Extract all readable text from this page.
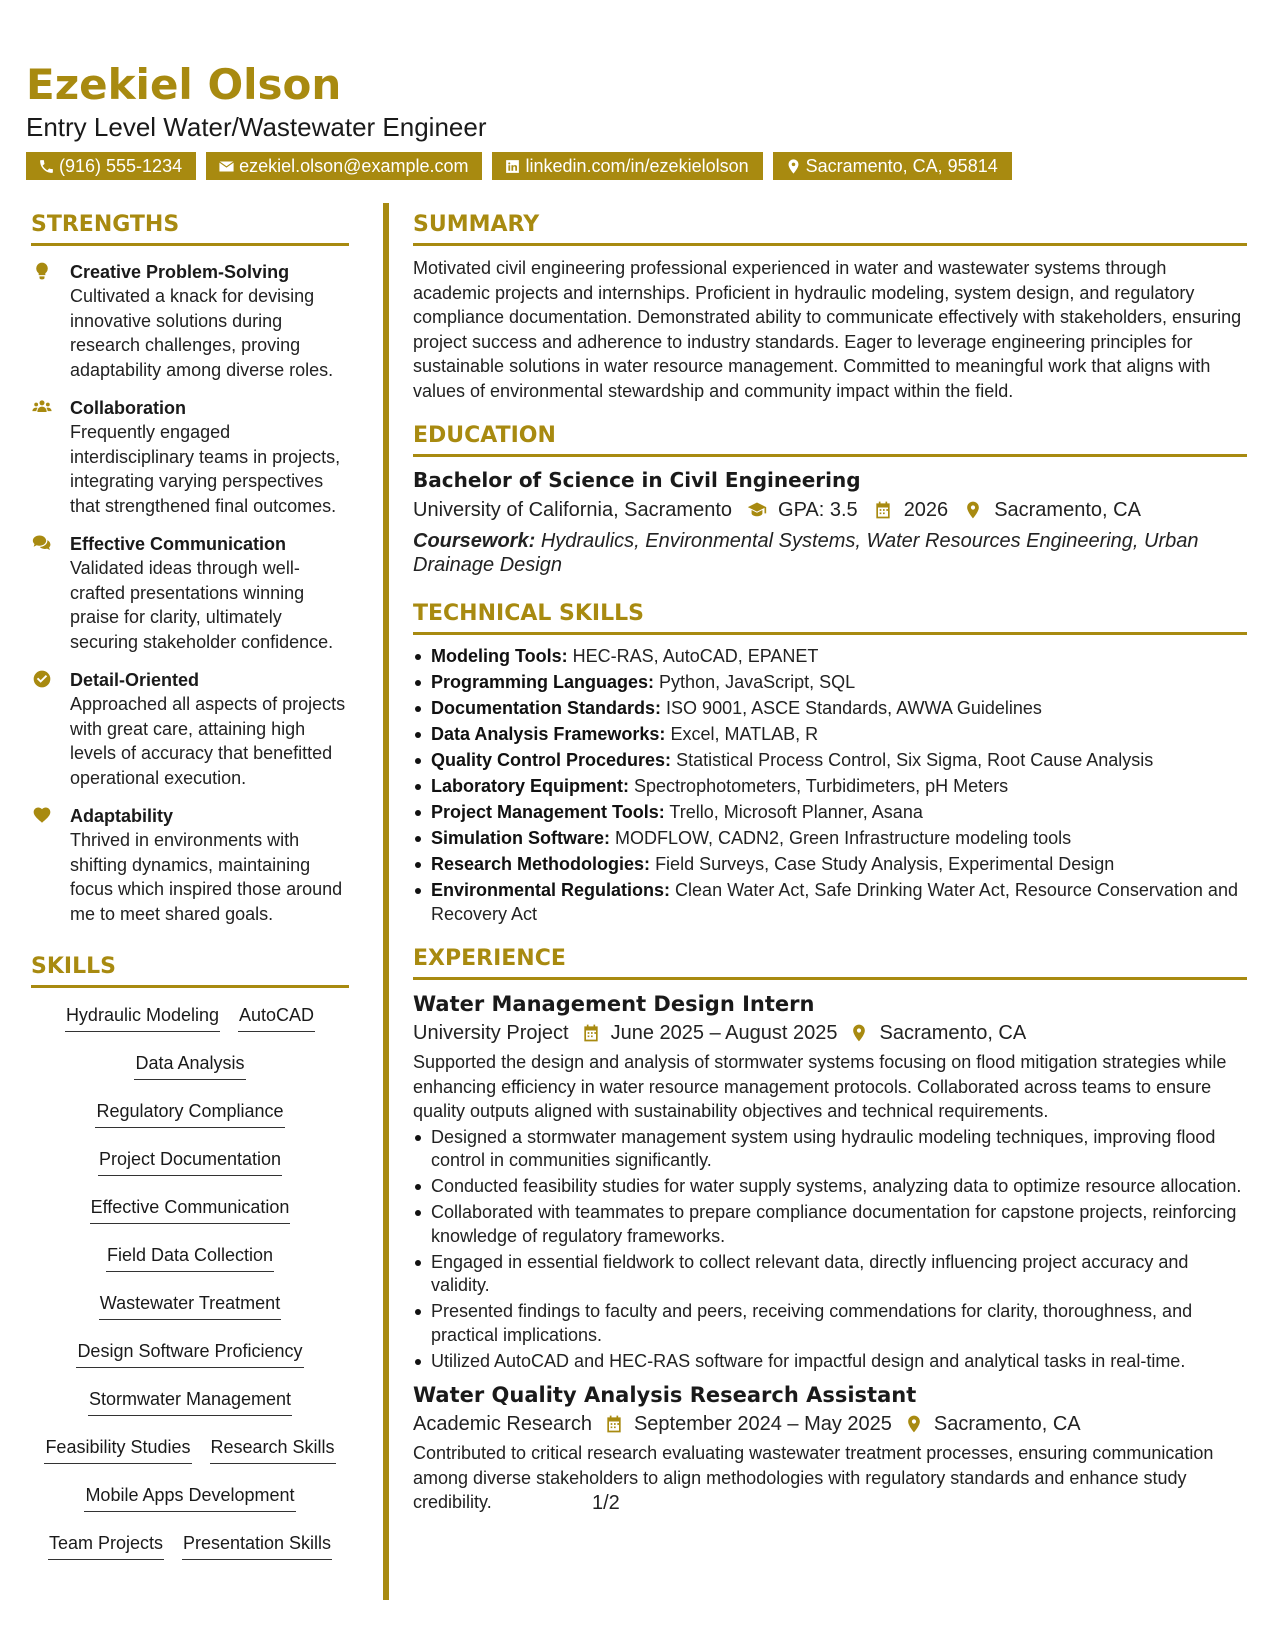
Ezekiel Olson
Entry Level Water/Wastewater Engineer
(916) 555-1234	ezekiel.olson@example.com	linkedin.com/in/ezekielolson	Sacramento, CA, 95814
STRENGTHS
Creative Problem-Solving
Cultivated a knack for devising innovative solutions during research challenges, proving adaptability among diverse roles.
Collaboration
Frequently engaged interdisciplinary teams in projects, integrating varying perspectives that strengthened final outcomes.
Effective Communication
Validated ideas through well-crafted presentations winning praise for clarity, ultimately securing stakeholder confidence.
Detail-Oriented
Approached all aspects of projects with great care, attaining high levels of accuracy that benefitted operational execution.
Adaptability
Thrived in environments with shifting dynamics, maintaining focus which inspired those around me to meet shared goals.
SKILLS
Hydraulic Modeling AutoCAD
Data Analysis
Regulatory Compliance
Project Documentation
Effective Communication
Field Data Collection
Wastewater Treatment
Design Software Proficiency
Stormwater Management
Feasibility Studies Research Skills
Mobile Apps Development
Team Projects Presentation Skills
SUMMARY
Motivated civil engineering professional experienced in water and wastewater systems through academic projects and internships. Proficient in hydraulic modeling, system design, and regulatory compliance documentation. Demonstrated ability to communicate effectively with stakeholders, ensuring project success and adherence to industry standards. Eager to leverage engineering principles for sustainable solutions in water resource management. Committed to meaningful work that aligns with values of environmental stewardship and community impact within the field.
EDUCATION
Bachelor of Science in Civil Engineering
University of California, Sacramento GPA: 3.5 2026 Sacramento, CA
Coursework: Hydraulics, Environmental Systems, Water Resources Engineering, Urban Drainage Design
TECHNICAL SKILLS
Modeling Tools: HEC-RAS, AutoCAD, EPANET
Programming Languages: Python, JavaScript, SQL
Documentation Standards: ISO 9001, ASCE Standards, AWWA Guidelines
Data Analysis Frameworks: Excel, MATLAB, R
Quality Control Procedures: Statistical Process Control, Six Sigma, Root Cause Analysis
Laboratory Equipment: Spectrophotometers, Turbidimeters, pH Meters
Project Management Tools: Trello, Microsoft Planner, Asana
Simulation Software: MODFLOW, CADN2, Green Infrastructure modeling tools
Research Methodologies: Field Surveys, Case Study Analysis, Experimental Design
Environmental Regulations: Clean Water Act, Safe Drinking Water Act, Resource Conservation and Recovery Act
EXPERIENCE
Water Management Design Intern
University Project June 2025 – August 2025 Sacramento, CA
Supported the design and analysis of stormwater systems focusing on flood mitigation strategies while enhancing efficiency in water resource management protocols. Collaborated across teams to ensure quality outputs aligned with sustainability objectives and technical requirements.
Designed a stormwater management system using hydraulic modeling techniques, improving flood control in communities significantly.
Conducted feasibility studies for water supply systems, analyzing data to optimize resource allocation.
Collaborated with teammates to prepare compliance documentation for capstone projects, reinforcing knowledge of regulatory frameworks.
Engaged in essential fieldwork to collect relevant data, directly influencing project accuracy and validity.
Presented findings to faculty and peers, receiving commendations for clarity, thoroughness, and practical implications.
Utilized AutoCAD and HEC-RAS software for impactful design and analytical tasks in real-time.
Water Quality Analysis Research Assistant
Academic Research September 2024 – May 2025 Sacramento, CA
Contributed to critical research evaluating wastewater treatment processes, ensuring communication among diverse stakeholders to align methodologies with regulatory standards and enhance study credibility.	1/2
